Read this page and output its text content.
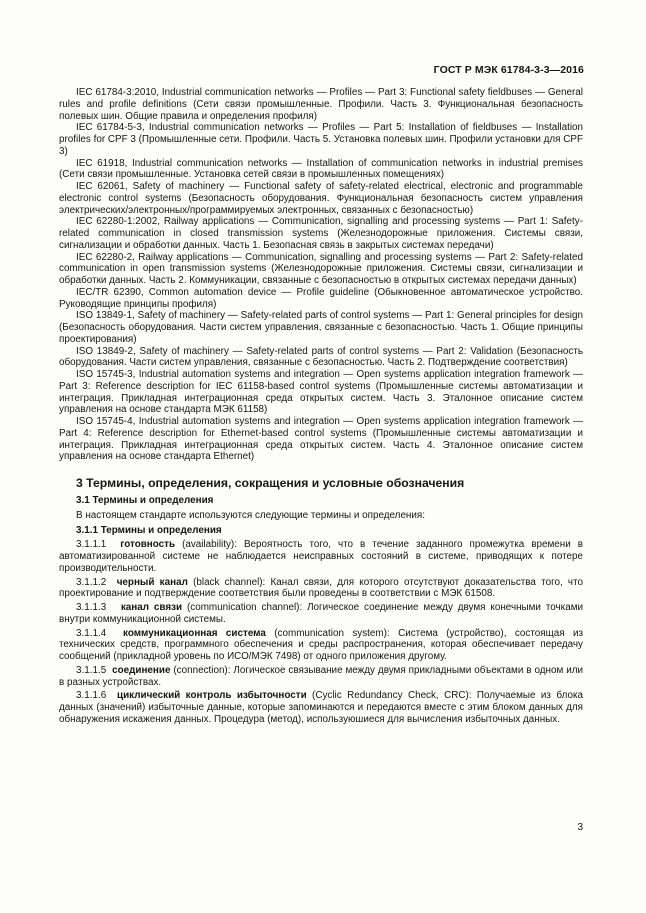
ГОСТ Р МЭК 61784-3-3—2016

IEC 61784-3:2010, Industrial communication networks — Profiles — Part 3: Functional safety fieldbuses — General rules and profile definitions (Сети связи промышленные. Профили. Часть 3. Функциональная безопасность полевых шин. Общие правила и определения профиля)

IEC 61784-5-3, Industrial communication networks — Profiles — Part 5: Installation of fieldbuses — Installation profiles for CPF 3 (Промышленные сети. Профили. Часть 5. Установка полевых шин. Профили установки для CPF 3)

IEC 61918, Industrial communication networks — Installation of communication networks in industrial premises (Сети связи промышленные. Установка сетей связи в промышленных помещениях)

IEC 62061, Safety of machinery — Functional safety of safety-related electrical, electronic and programmable electronic control systems (Безопасность оборудования. Функциональная безопасность систем управления электрических/электронных/программируемых электронных, связанных с безопасностью)

IEC 62280-1:2002, Railway applications — Communication, signalling and processing systems — Part 1: Safety-related communication in closed transmission systems (Железнодорожные приложения. Системы связи, сигнализации и обработки данных. Часть 1. Безопасная связь в закрытых системах передачи)

IEC 62280-2, Railway applications — Communication, signalling and processing systems — Part 2: Safety-related communication in open transmission systems (Железнодорожные приложения. Системы связи, сигнализации и обработки данных. Часть 2. Коммуникации, связанные с безопасностью в открытых системах передачи данных)

IEC/TR 62390, Common automation device — Profile guideline (Обыкновенное автоматическое устройство. Руководящие принципы профиля)

ISO 13849-1, Safety of machinery — Safety-related parts of control systems — Part 1: General principles for design (Безопасность оборудования. Части систем управления, связанные с безопасностью. Часть 1. Общие принципы проектирования)

ISO 13849-2, Safety of machinery — Safety-related parts of control systems — Part 2: Validation (Безопасность оборудования. Части систем управления, связанные с безопасностью. Часть 2. Подтверждение соответствия)

ISO 15745-3, Industrial automation systems and integration — Open systems application integration framework — Part 3: Reference description for IEC 61158-based control systems (Промышленные системы автоматизации и интеграция. Прикладная интеграционная среда открытых систем. Часть 3. Эталонное описание систем управления на основе стандарта МЭК 61158)

ISO 15745-4, Industrial automation systems and integration — Open systems application integration framework — Part 4: Reference description for Ethernet-based control systems (Промышленные системы автоматизации и интеграция. Прикладная интеграционная среда открытых систем. Часть 4. Эталонное описание систем управления на основе стандарта Ethernet)

3 Термины, определения, сокращения и условные обозначения

3.1 Термины и определения

В настоящем стандарте используются следующие термины и определения:

3.1.1 Термины и определения

3.1.1.1 готовность (availability): Вероятность того, что в течение заданного промежутка времени в автоматизированной системе не наблюдается неисправных состояний в системе, приводящих к потере производительности.

3.1.1.2 черный канал (black channel): Канал связи, для которого отсутствуют доказательства того, что проектирование и подтверждение соответствия были проведены в соответствии с МЭК 61508.

3.1.1.3 канал связи (communication channel): Логическое соединение между двумя конечными точками внутри коммуникационной системы.

3.1.1.4 коммуникационная система (communication system): Система (устройство), состоящая из технических средств, программного обеспечения и среды распространения, которая обеспечивает передачу сообщений (прикладной уровень по ИСО/МЭК 7498) от одного приложения другому.

3.1.1.5 соединение (connection): Логическое связывание между двумя прикладными объектами в одном или в разных устройствах.

3.1.1.6 циклический контроль избыточности (Cyclic Redundancy Check, CRC): Получаемые из блока данных (значений) избыточные данные, которые запоминаются и передаются вместе с этим блоком данных для обнаружения искажения данных. Процедура (метод), используюшиеся для вычисления избыточных данных.

3
